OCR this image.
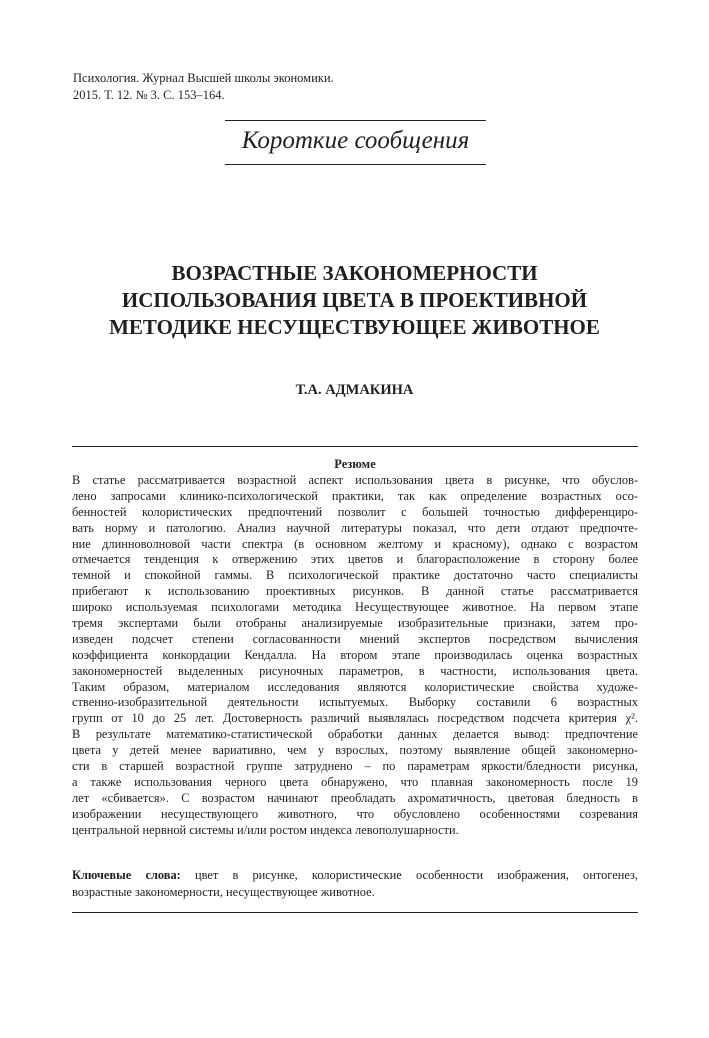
Психология. Журнал Высшей школы экономики.
2015. Т. 12. № 3. С. 153–164.
Короткие сообщения
ВОЗРАСТНЫЕ ЗАКОНОМЕРНОСТИ
ИСПОЛЬЗОВАНИЯ ЦВЕТА В ПРОЕКТИВНОЙ
МЕТОДИКЕ НЕСУЩЕСТВУЮЩЕЕ ЖИВОТНОЕ
Т.А. АДМАКИНА
Резюме
В статье рассматривается возрастной аспект использования цвета в рисунке, что обуслов-
лено запросами клинико-психологической практики, так как определение возрастных осо-
бенностей колористических предпочтений позволит с большей точностью дифференциро-
вать норму и патологию. Анализ научной литературы показал, что дети отдают предпочте-
ние длинноволновой части спектра (в основном желтому и красному), однако с возрастом
отмечается тенденция к отвержению этих цветов и благорасположение в сторону более
темной и спокойной гаммы. В психологической практике достаточно часто специалисты
прибегают к использованию проективных рисунков. В данной статье рассматривается
широко используемая психологами методика Несуществующее животное. На первом этапе
тремя экспертами были отобраны анализируемые изобразительные признаки, затем про-
изведен подсчет степени согласованности мнений экспертов посредством вычисления
коэффициента конкордации Кендалла. На втором этапе производилась оценка возрастных
закономерностей выделенных рисуночных параметров, в частности, использования цвета.
Таким образом, материалом исследования являются колористические свойства художе-
ственно-изобразительной деятельности испытуемых. Выборку составили 6 возрастных
групп от 10 до 25 лет. Достоверность различий выявлялась посредством подсчета критерия χ².
В результате математико-статистической обработки данных делается вывод: предпочтение
цвета у детей менее вариативно, чем у взрослых, поэтому выявление общей закономерно-
сти в старшей возрастной группе затруднено – по параметрам яркости/бледности рисунка,
а также использования черного цвета обнаружено, что плавная закономерность после 19
лет «сбивается». С возрастом начинают преобладать ахроматичность, цветовая бледность в
изображении несуществующего животного, что обусловлено особенностями созревания
центральной нервной системы и/или ростом индекса левополушарности.
Ключевые слова: цвет в рисунке, колористические особенности изображения, онтогенез,
возрастные закономерности, несуществующее животное.
